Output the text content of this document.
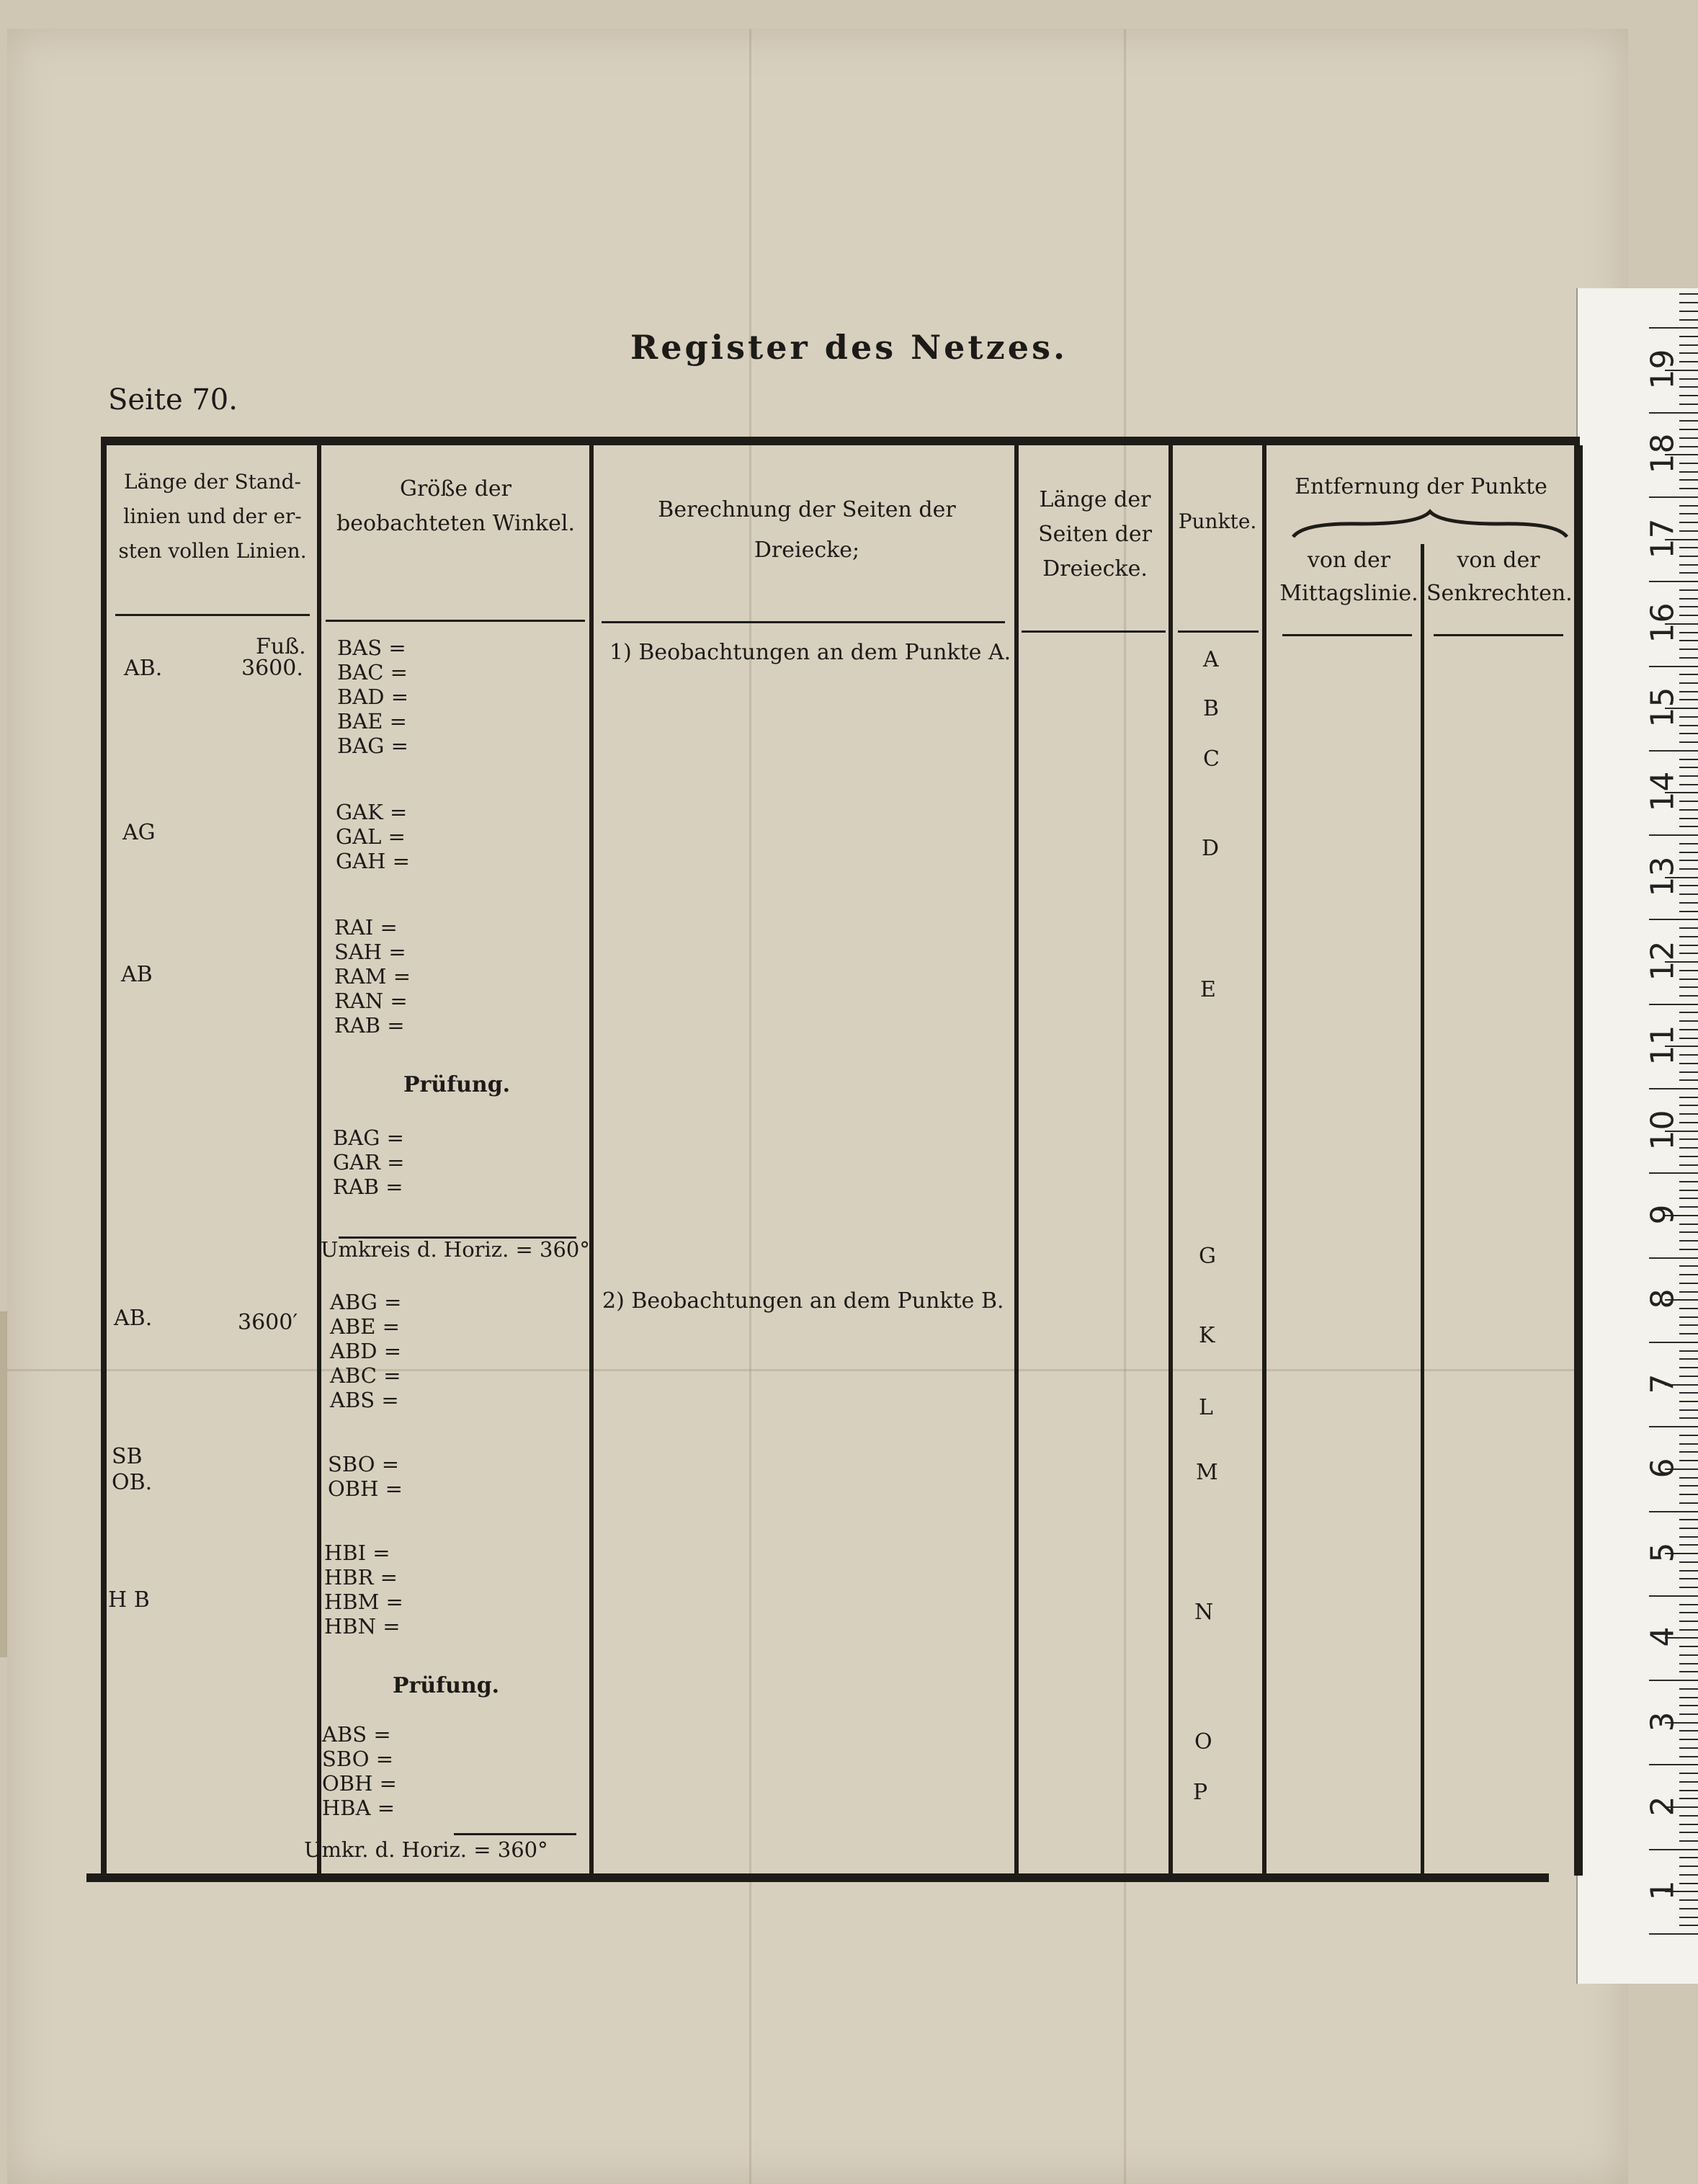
1
2
3
4
5
6
7
8
9
10
11
12
13
14
15
16
17
18
19
Register des Netzes.
Seite 70.
Länge der Stand-linien und der er-sten vollen Linien.
Größe der beobachteten Winkel.
Berechnung der Seiten der Dreiecke;
Länge der Seiten der Dreiecke.
Punkte.
Entfernung der Punkte
von der Mittagslinie.
von der Senkrechten.
Fuß.
AB.	3600.
AG
AB
AB.	3600′
SB
OB.
H B
BAS =
BAC =
BAD =
BAE =
BAG =
GAK =
GAL =
GAH =
RAI =
SAH =
RAM =
RAN =
RAB =
Prüfung.
BAG =
GAR =
RAB =
Umkreis d. Horiz. = 360°
ABG =
ABE =
ABD =
ABC =
ABS =
SBO =
OBH =
HBI =
HBR =
HBM =
HBN =
Prüfung.
ABS =
SBO =
OBH =
HBA =
Umkr. d. Horiz. = 360°
1) Beobachtungen an dem Punkte A.
2) Beobachtungen an dem Punkte B.
A
B
C
D
E
G
K
L
M
N
O
P
